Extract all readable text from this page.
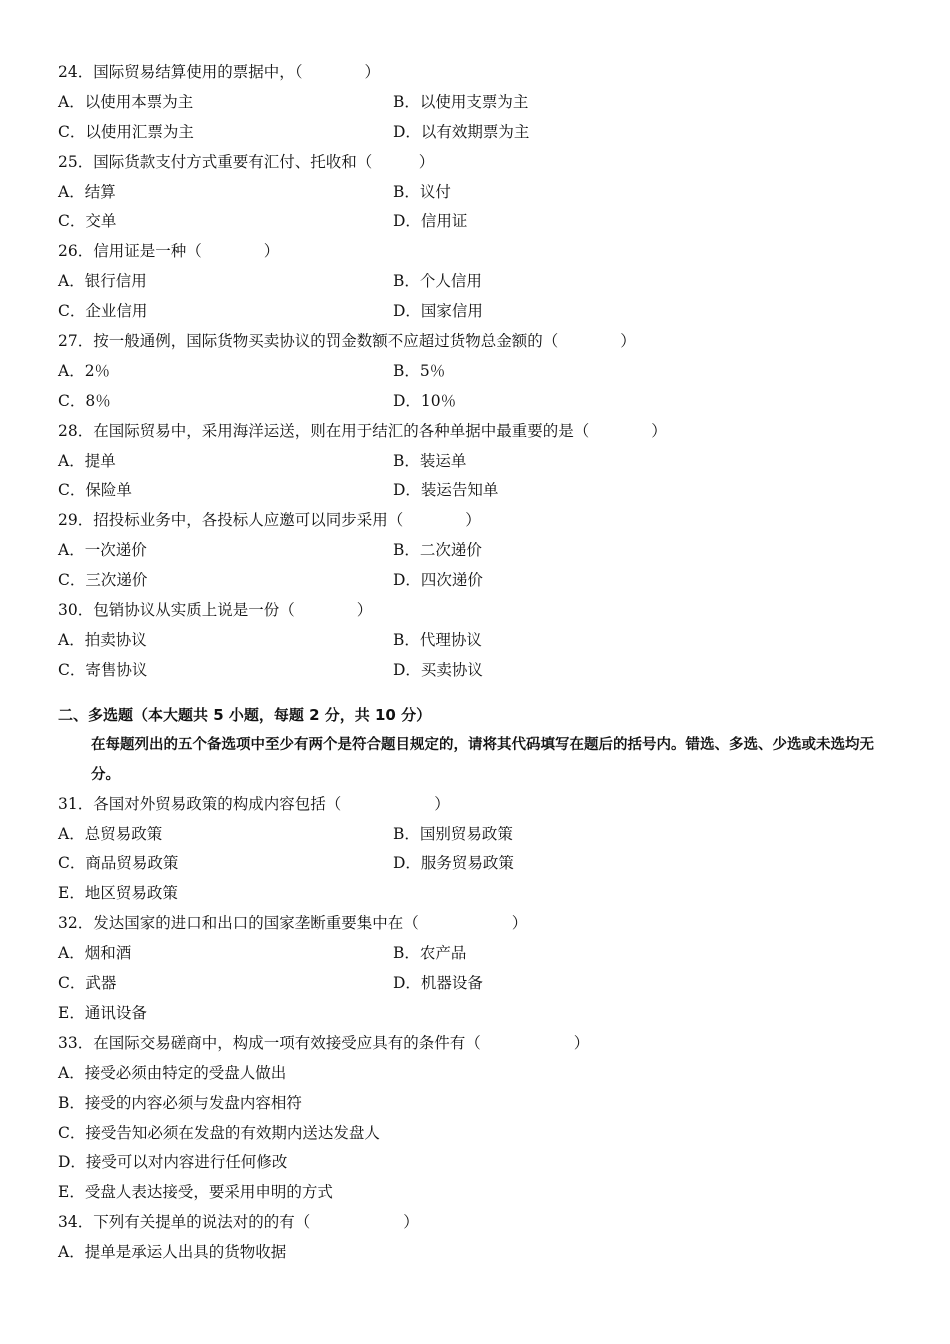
24．国际贸易结算使用的票据中，（　　　　）
A．以使用本票为主	B．以使用支票为主
C．以使用汇票为主	D．以有效期票为主
25．国际货款支付方式重要有汇付、托收和（　　　）
A．结算	B．议付
C．交单	D．信用证
26．信用证是一种（　　　　）
A．银行信用	B．个人信用
C．企业信用	D．国家信用
27．按一般通例，国际货物买卖协议的罚金数额不应超过货物总金额的（　　　　）
A．2％	B．5％
C．8％	D．10％
28．在国际贸易中，采用海洋运送，则在用于结汇的各种单据中最重要的是（　　　　）
A．提单	B．装运单
C．保险单	D．装运告知单
29．招投标业务中，各投标人应邀可以同步采用（　　　　）
A．一次递价	B．二次递价
C．三次递价	D．四次递价
30．包销协议从实质上说是一份（　　　　）
A．拍卖协议	B．代理协议
C．寄售协议	D．买卖协议
二、多选题（本大题共 5 小题，每题 2 分，共 10 分）
在每题列出的五个备选项中至少有两个是符合题目规定的，请将其代码填写在题后的括号内。错选、多选、少选或未选均无分。
31．各国对外贸易政策的构成内容包括（　　　　　　）
A．总贸易政策	B．国别贸易政策
C．商品贸易政策	D．服务贸易政策
E．地区贸易政策
32．发达国家的进口和出口的国家垄断重要集中在（　　　　　　）
A．烟和酒	B．农产品
C．武器	D．机器设备
E．通讯设备
33．在国际交易磋商中，构成一项有效接受应具有的条件有（　　　　　　）
A．接受必须由特定的受盘人做出
B．接受的内容必须与发盘内容相符
C．接受告知必须在发盘的有效期内送达发盘人
D．接受可以对内容进行任何修改
E．受盘人表达接受，要采用申明的方式
34．下列有关提单的说法对的的有（　　　　　　）
A．提单是承运人出具的货物收据
